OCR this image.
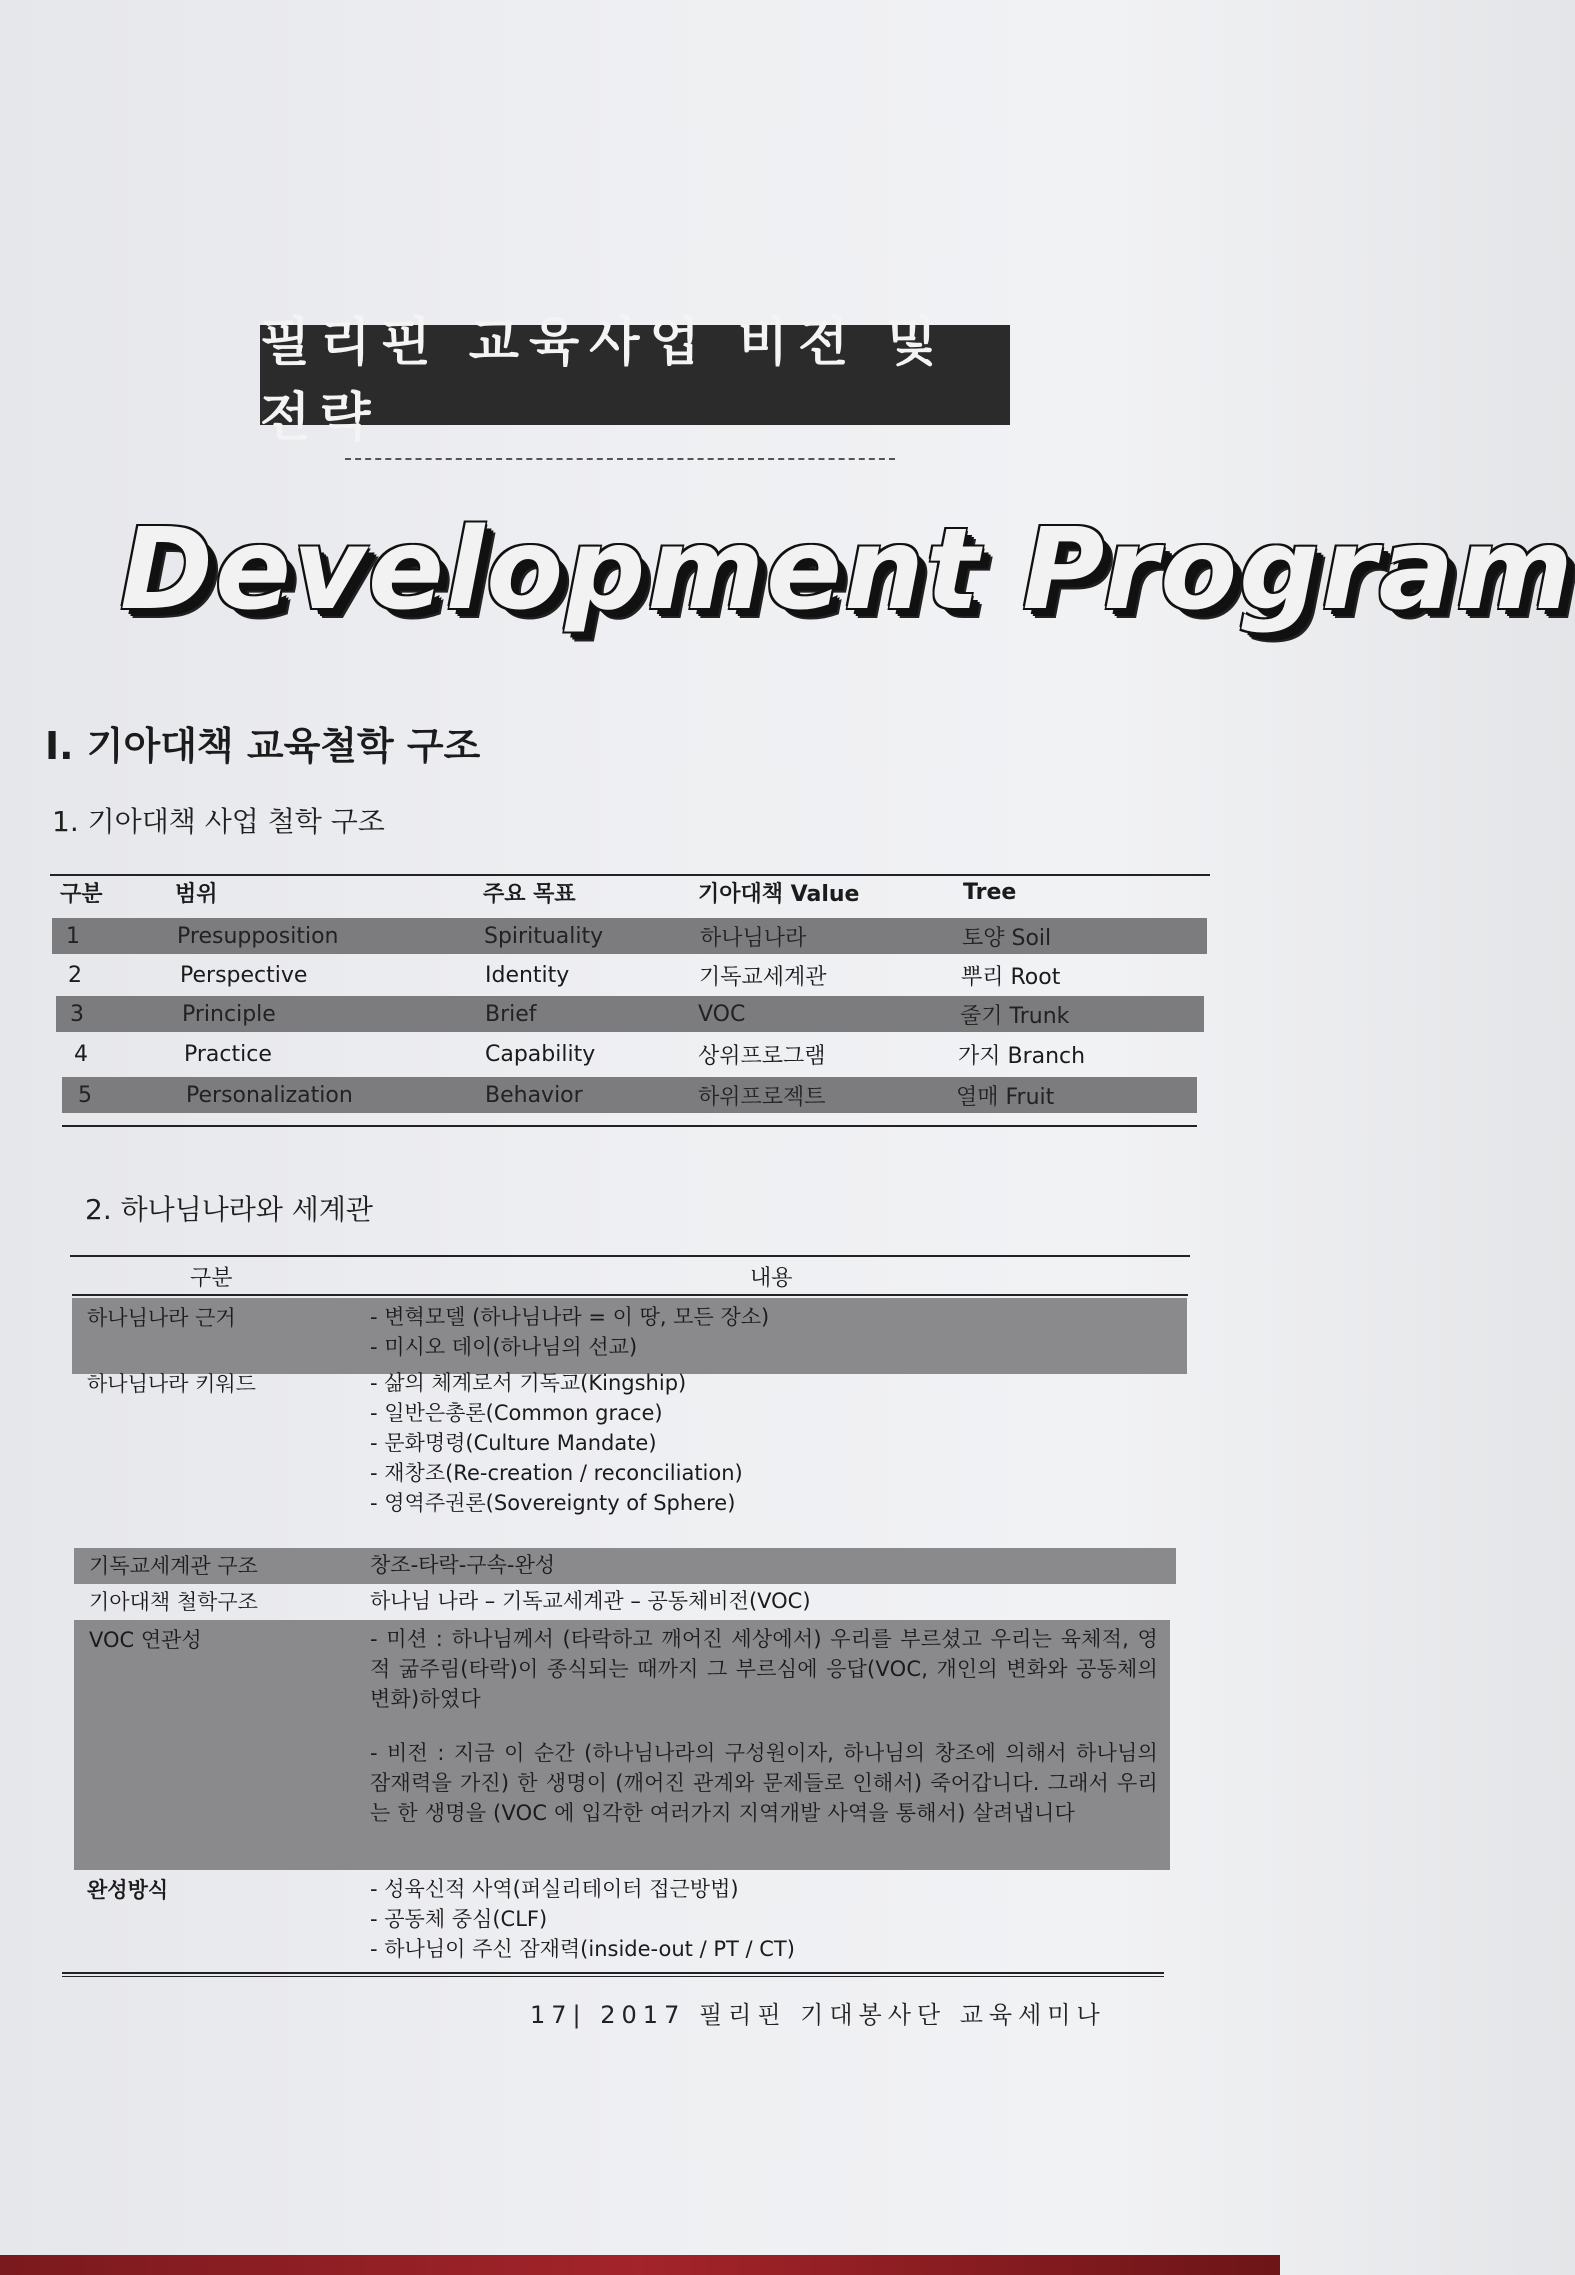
필리핀 교육사업 비전 및 전략
Development Program
I. 기아대책 교육철학 구조
1. 기아대책 사업 철학 구조
구분	범위	주요 목표	기아대책 Value	Tree
1	Presupposition	Spirituality	하나님나라	토양 Soil
2	Perspective	Identity	기독교세계관	뿌리 Root
3	Principle	Brief	VOC	줄기 Trunk
4	Practice	Capability	상위프로그램	가지 Branch
5	Personalization	Behavior	하위프로젝트	열매 Fruit
2. 하나님나라와 세계관
구분	내용
하나님나라 근거	- 변혁모델 (하나님나라 = 이 땅, 모든 장소)
- 미시오 데이(하나님의 선교)
하나님나라 키워드	- 삶의 체계로서 기독교(Kingship)
- 일반은총론(Common grace)
- 문화명령(Culture Mandate)
- 재창조(Re-creation / reconciliation)
- 영역주권론(Sovereignty of Sphere)
기독교세계관 구조	창조-타락-구속-완성
기아대책 철학구조	하나님 나라 – 기독교세계관 – 공동체비전(VOC)
VOC 연관성	- 미션 : 하나님께서 (타락하고 깨어진 세상에서) 우리를 부르셨고 우리는 육체적, 영적 굶주림(타락)이 종식되는 때까지 그 부르심에 응답(VOC, 개인의 변화와 공동체의 변화)하였다
- 비전 : 지금 이 순간 (하나님나라의 구성원이자, 하나님의 창조에 의해서 하나님의 잠재력을 가진) 한 생명이 (깨어진 관계와 문제들로 인해서) 죽어갑니다. 그래서 우리는 한 생명을 (VOC 에 입각한 여러가지 지역개발 사역을 통해서) 살려냅니다
완성방식	- 성육신적 사역(퍼실리테이터 접근방법)
- 공동체 중심(CLF)
- 하나님이 주신 잠재력(inside-out / PT / CT)
17| 2017 필리핀 기대봉사단 교육세미나
